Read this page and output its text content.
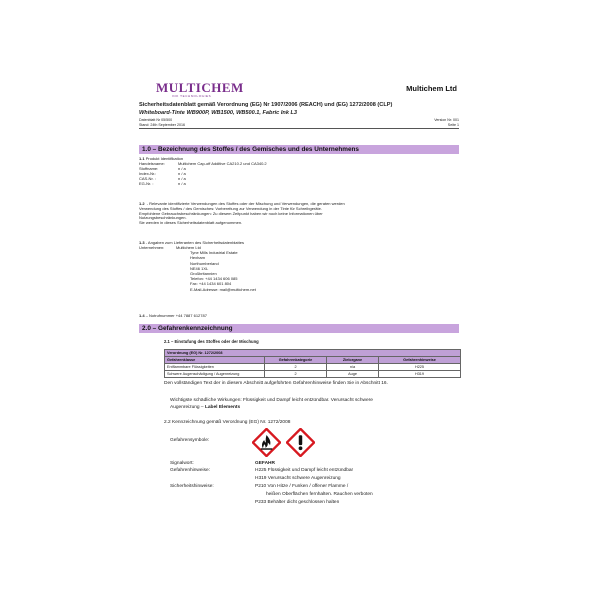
MULTICHEM
INK TECHNOLOGIES
Multichem Ltd
Sicherheitsdatenblatt gemäß Verordnung (EG) Nr 1907/2006 (REACH) und (EG) 1272/2008 (CLP)
Whiteboard-Tinte WB900P, WB1500, WB500.1, Fabric Ink L3
Datenblatt Nr 05/500
Stand: 24th September 2016
Version Nr: 001
Seite 1
1.0 – Bezeichnung des Stoffes / des Gemisches und des Unternehmens
1.1 Produkt Identifikation
Handelsname:	Multichem Cap-off Additive CA210.2 und CA340.2
Stoffname:	n / a
Index-Nr.:	n / a
CAS-Nr. :	n / a
EG-Nr. :	n / a
1.2 - Relevante identifizierte Verwendungen des Stoffes oder der Mischung und Verwendungen, die geraten werden
Verwendung des Stoffes / des Gemisches: Vorbereitung zur Verwendung in der Tinte für Schreibgeräte.
Empfohlene Gebrauchsbeschränkungen: Zu diesem Zeitpunkt haben wir noch keine Informationen über
Nutzungsbeschränkungen.
Sie werden in dieses Sicherheitsdatenblatt aufgenommen.
1.3 - Angaben zum Lieferanten des Sicherheitsdatenblattes
Unternehmen:	Multichem Ltd
Tyne Mills Industrial Estate
Hexham
Northumberland
NE46 1XL
Großbritannien
Telefon: +44 1434 606 085
Fax: +44 1434 601 804
E-Mail-Adresse: mail@multichem.net
1.4 – Notrufnummer +44 7887 612787
2.0 – Gefahrenkennzeichnung
2.1 – Einstufung des Stoffes oder der Mischung
Verordnung (EG) Nr. 1272/2008			
Gefahrenklasse	Gefahrenkategorie	Zielorgane	Gefahrenhinweise
Entflammbare Flüssigkeiten	2	n/a	H225
Schwere Augenschädigung / Augenreizung	2	Auge	H319
Den vollständigen Text der in diesem Abschnitt aufgeführten Gefahrenhinweise finden Sie in Abschnitt 16.
Wichtigste schädliche Wirkungen: Flüssigkeit und Dampf leicht entzündbar. Verursacht schwere
Augenreizung – Label Elements
2.2 Kennzeichnung gemäß Verordnung (EG) Nr. 1272/2008
Gefahrensymbole:
Signalwort:	GEFAHR
Gefahrenhinweise:	H225 Flüssigkeit und Dampf leicht entzündbar
H319 Verursacht schwere Augenreizung
Sicherheitshinweise:	P210 Von Hitze / Funken / offener Flamme /
heißen Oberflächen fernhalten. Rauchen verboten
P233 Behälter dicht geschlossen halten
